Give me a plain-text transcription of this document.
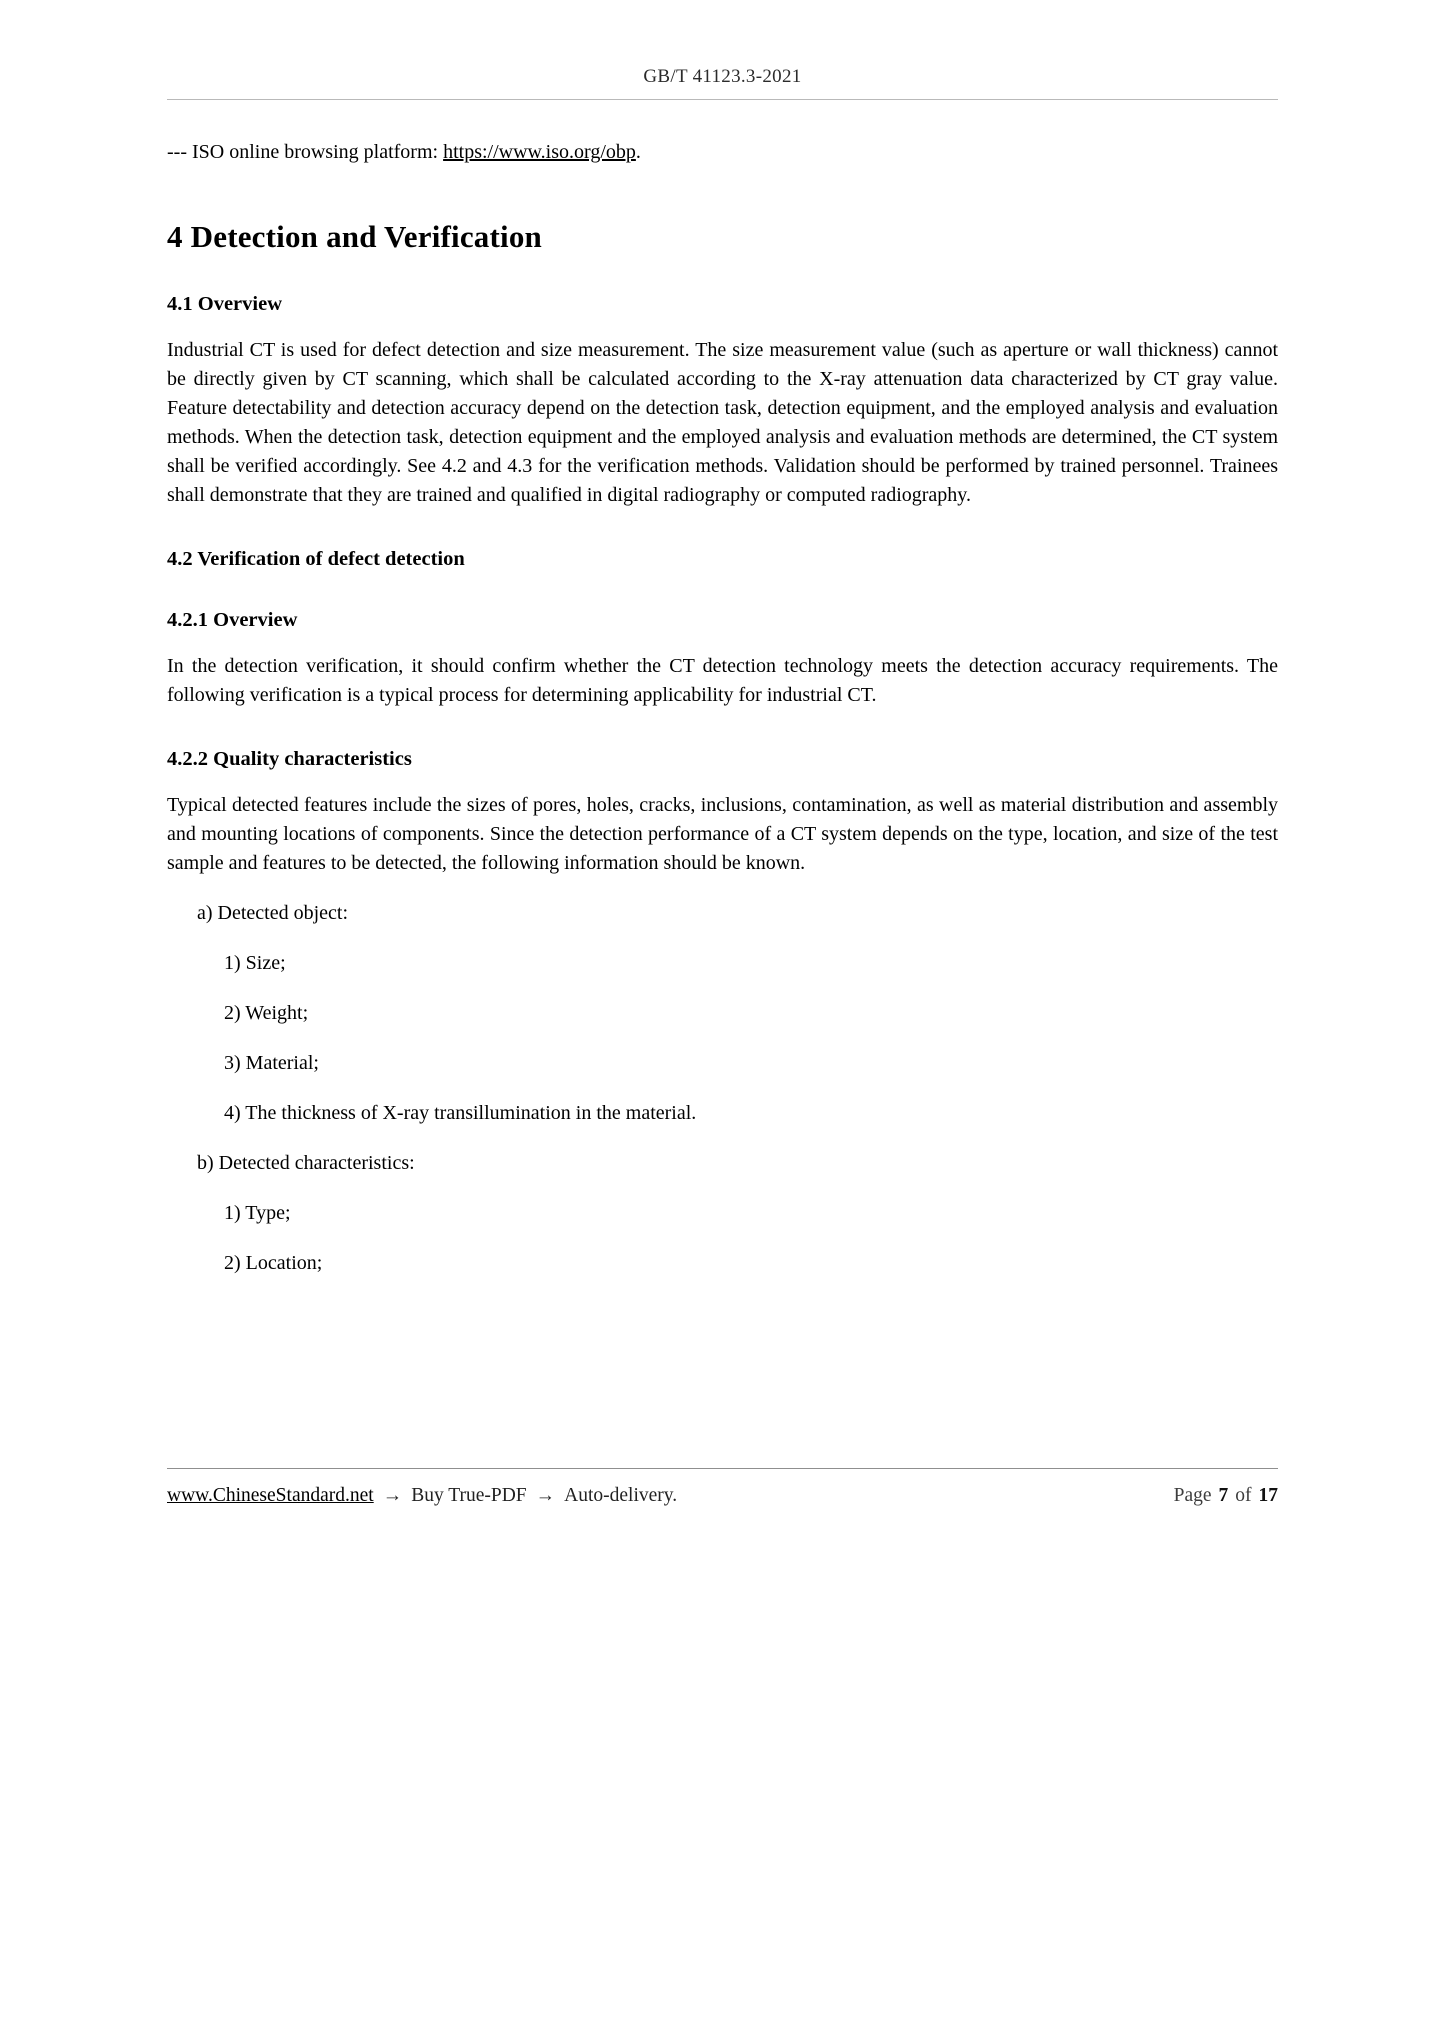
GB/T 41123.3-2021

--- ISO online browsing platform: https://www.iso.org/obp.

4 Detection and Verification
4.1 Overview

Industrial CT is used for defect detection and size measurement. The size measurement value (such as aperture or wall thickness) cannot be directly given by CT scanning, which shall be calculated according to the X-ray attenuation data characterized by CT gray value. Feature detectability and detection accuracy depend on the detection task, detection equipment, and the employed analysis and evaluation methods. When the detection task, detection equipment and the employed analysis and evaluation methods are determined, the CT system shall be verified accordingly. See 4.2 and 4.3 for the verification methods. Validation should be performed by trained personnel. Trainees shall demonstrate that they are trained and qualified in digital radiography or computed radiography.

4.2 Verification of defect detection
4.2.1 Overview

In the detection verification, it should confirm whether the CT detection technology meets the detection accuracy requirements. The following verification is a typical process for determining applicability for industrial CT.

4.2.2 Quality characteristics

Typical detected features include the sizes of pores, holes, cracks, inclusions, contamination, as well as material distribution and assembly and mounting locations of components. Since the detection performance of a CT system depends on the type, location, and size of the test sample and features to be detected, the following information should be known.

a) Detected object:

1) Size;

2) Weight;

3) Material;

4) The thickness of X-ray transillumination in the material.

b) Detected characteristics:

1) Type;

2) Location;

www.ChineseStandard.net → Buy True-PDF → Auto-delivery.	Page 7 of 17
